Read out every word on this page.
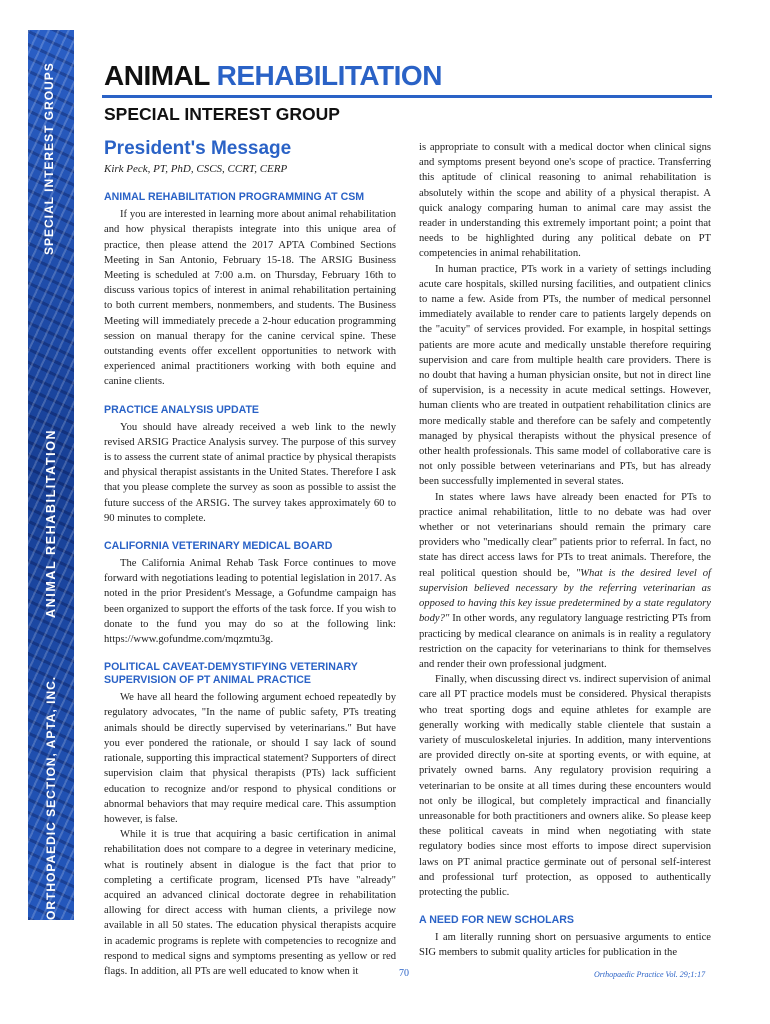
SPECIAL INTEREST GROUPS
ANIMAL REHABILITATION
ORTHOPAEDIC SECTION, APTA, INC.
ANIMAL REHABILITATION
SPECIAL INTEREST GROUP
President's Message
Kirk Peck, PT, PhD, CSCS, CCRT, CERP
ANIMAL REHABILITATION PROGRAMMING AT CSM

If you are interested in learning more about animal rehabilitation and how physical therapists integrate into this unique area of practice, then please attend the 2017 APTA Combined Sections Meeting in San Antonio, February 15-18. The ARSIG Business Meeting is scheduled at 7:00 a.m. on Thursday, February 16th to discuss various topics of interest in animal rehabilitation pertaining to both current members, nonmembers, and students. The Business Meeting will immediately precede a 2-hour education programming session on manual therapy for the canine cervical spine. These outstanding events offer excellent opportunities to network with experienced animal practitioners working with both equine and canine clients.

PRACTICE ANALYSIS UPDATE

You should have already received a web link to the newly revised ARSIG Practice Analysis survey. The purpose of this survey is to assess the current state of animal practice by physical therapists and physical therapist assistants in the United States. Therefore I ask that you please complete the survey as soon as possible to assist the future success of the ARSIG. The survey takes approximately 60 to 90 minutes to complete.

CALIFORNIA VETERINARY MEDICAL BOARD

The California Animal Rehab Task Force continues to move forward with negotiations leading to potential legislation in 2017. As noted in the prior President's Message, a Gofundme campaign has been organized to support the efforts of the task force. If you wish to donate to the fund you may do so at the following link: https://www.gofundme.com/mqzmtu3g.

POLITICAL CAVEAT-DEMYSTIFYING VETERINARY SUPERVISION OF PT ANIMAL PRACTICE

We have all heard the following argument echoed repeatedly by regulatory advocates, "In the name of public safety, PTs treating animals should be directly supervised by veterinarians." But have you ever pondered the rationale, or should I say lack of sound rationale, supporting this impractical statement? Supporters of direct supervision claim that physical therapists (PTs) lack sufficient education to recognize and/or respond to physical conditions or abnormal behaviors that may require medical care. This assumption however, is false.

While it is true that acquiring a basic certification in animal rehabilitation does not compare to a degree in veterinary medicine, what is routinely absent in dialogue is the fact that prior to completing a certificate program, licensed PTs have "already" acquired an advanced clinical doctorate degree in rehabilitation allowing for direct access with human clients, a privilege now available in all 50 states. The education physical therapists acquire in academic programs is replete with competencies to recognize and respond to medical signs and symptoms presenting as yellow or red flags. In addition, all PTs are well educated to know when it

is appropriate to consult with a medical doctor when clinical signs and symptoms present beyond one's scope of practice. Transferring this aptitude of clinical reasoning to animal rehabilitation is absolutely within the scope and ability of a physical therapist. A quick analogy comparing human to animal care may assist the reader in understanding this extremely important point; a point that needs to be highlighted during any political debate on PT competencies in animal rehabilitation.

In human practice, PTs work in a variety of settings including acute care hospitals, skilled nursing facilities, and outpatient clinics to name a few. Aside from PTs, the number of medical personnel immediately available to render care to patients largely depends on the "acuity" of services provided. For example, in hospital settings patients are more acute and medically unstable therefore requiring supervision and care from multiple health care providers. There is no doubt that having a human physician onsite, but not in direct line of supervision, is a necessity in acute medical settings. However, human clients who are treated in outpatient rehabilitation clinics are more medically stable and therefore can be safely and competently managed by physical therapists without the physical presence of other health professionals. This same model of collaborative care is not only possible between veterinarians and PTs, but has already been successfully implemented in several states.

In states where laws have already been enacted for PTs to practice animal rehabilitation, little to no debate was had over whether or not veterinarians should remain the primary care providers who "medically clear" patients prior to referral. In fact, no state has direct access laws for PTs to treat animals. Therefore, the real political question should be, "What is the desired level of supervision believed necessary by the referring veterinarian as opposed to having this key issue predetermined by a state regulatory body?" In other words, any regulatory language restricting PTs from practicing by medical clearance on animals is in reality a regulatory restriction on the capacity for veterinarians to think for themselves and render their own professional judgment.

Finally, when discussing direct vs. indirect supervision of animal care all PT practice models must be considered. Physical therapists who treat sporting dogs and equine athletes for example are generally working with medically stable clientele that sustain a variety of musculoskeletal injuries. In addition, many interventions are provided directly on-site at sporting events, or with equine, at privately owned barns. Any regulatory provision requiring a veterinarian to be onsite at all times during these encounters would not only be illogical, but completely impractical and financially unreasonable for both practitioners and owners alike. So please keep these political caveats in mind when negotiating with state regulatory bodies since most efforts to impose direct supervision laws on PT animal practice germinate out of personal self-interest and professional turf protection, as opposed to authentically protecting the public.

A NEED FOR NEW SCHOLARS

I am literally running short on persuasive arguments to entice SIG members to submit quality articles for publication in the

70	Orthopaedic Practice Vol. 29;1:17
